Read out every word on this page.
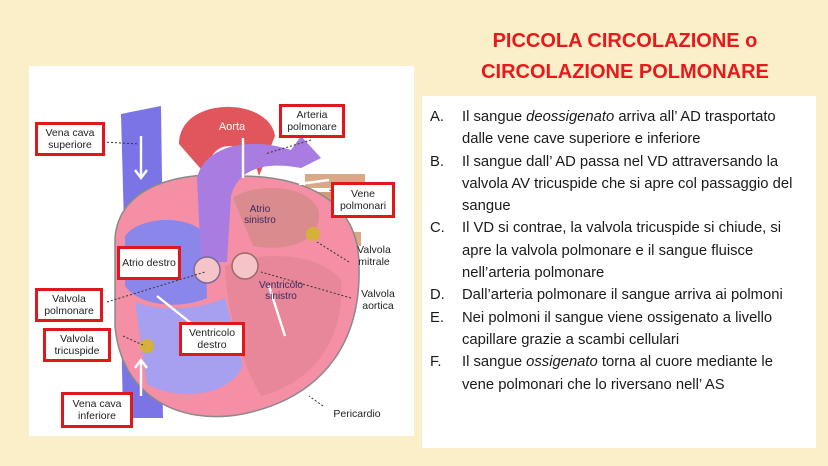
PICCOLA CIRCOLAZIONE o
CIRCOLAZIONE POLMONARE
Vena cava superiore
Arteria polmonare
Vene polmonari
Atrio destro
Valvola polmonare
Valvola tricuspide
Ventricolo destro
Vena cava inferiore
Aorta
Atrio sinistro
Valvola mitrale
Ventricolo sinistro	Valvola aortica
Pericardio
A. Il sangue deossigenato arriva all’ AD trasportato dalle vene cave superiore e inferiore
B. Il sangue dall’ AD passa nel VD attraversando la valvola AV tricuspide che si apre col passaggio del sangue
C. Il VD si contrae, la valvola tricuspide si chiude, si apre la valvola polmonare e il sangue fluisce nell’arteria polmonare
D. Dall’arteria polmonare il sangue arriva ai polmoni
E. Nei polmoni il sangue viene ossigenato a livello capillare grazie a scambi cellulari
F. Il sangue ossigenato torna al cuore mediante le vene polmonari che lo riversano nell’ AS
